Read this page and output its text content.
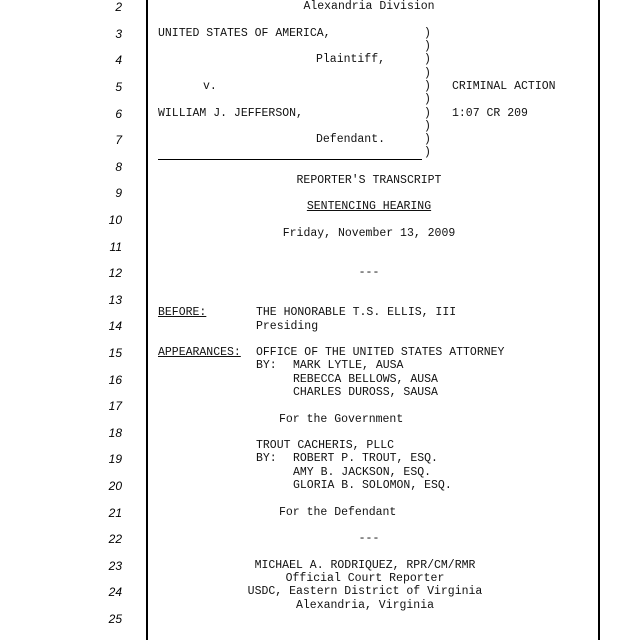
2
3
4
5
6
7
8
9
10
11
12
13
14
15
16
17
18
19
20
21
22
23
24
25
Alexandria Division
UNITED STATES OF AMERICA,
Plaintiff,
v.
WILLIAM J. JEFFERSON,
Defendant.
)
)
)
)
)
)
)
)
)
)
CRIMINAL ACTION
1:07 CR 209
REPORTER'S TRANSCRIPT
SENTENCING HEARING
Friday, November 13, 2009
---
BEFORE:	THE HONORABLE T.S. ELLIS, III
Presiding
APPEARANCES: OFFICE OF THE UNITED STATES ATTORNEY
BY: MARK LYTLE, AUSA
REBECCA BELLOWS, AUSA
CHARLES DUROSS, SAUSA
For the Government
TROUT CACHERIS, PLLC
BY: ROBERT P. TROUT, ESQ.
AMY B. JACKSON, ESQ.
GLORIA B. SOLOMON, ESQ.
For the Defendant
---
MICHAEL A. RODRIQUEZ, RPR/CM/RMR
Official Court Reporter
USDC, Eastern District of Virginia
Alexandria, Virginia
